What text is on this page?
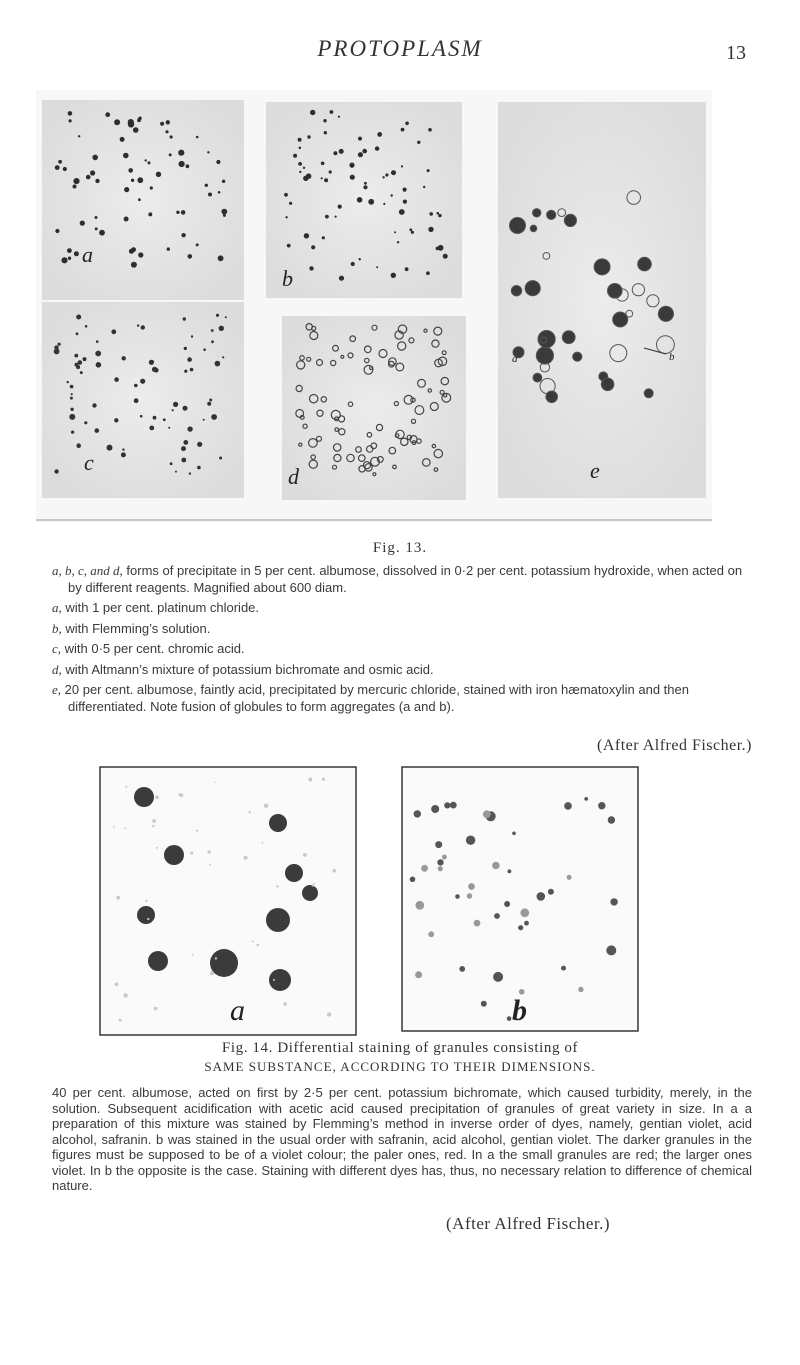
PROTOPLASM	13
a
b
c
d	e
a	b
Fig. 13.

a, b, c, and d, forms of precipitate in 5 per cent. albumose, dissolved in 0·2 per cent. potassium hydroxide, when acted on by different reagents. Magnified about 600 diam.

a, with 1 per cent. platinum chloride.

b, with Flemming’s solution.

c, with 0·5 per cent. chromic acid.

d, with Altmann’s mixture of potassium bichromate and osmic acid.

e, 20 per cent. albumose, faintly acid, precipitated by mercuric chloride, stained with iron hæmatoxylin and then differentiated. Note fusion of globules to form aggregates (a and b).

(After Alfred Fischer.)
a	b
Fig. 14. Differential staining of granules consisting of
SAME SUBSTANCE, ACCORDING TO THEIR DIMENSIONS.
40 per cent. albumose, acted on first by 2·5 per cent. potassium bichromate, which caused turbidity, merely, in the solution. Subsequent acidification with acetic acid caused precipitation of granules of great variety in size. In a a preparation of this mixture was stained by Flemming’s method in inverse order of dyes, namely, gentian violet, acid alcohol, safranin. b was stained in the usual order with safranin, acid alcohol, gentian violet. The darker granules in the figures must be supposed to be of a violet colour; the paler ones, red. In a the small granules are red; the larger ones violet. In b the opposite is the case. Staining with different dyes has, thus, no necessary relation to difference of chemical nature.
(After Alfred Fischer.)
